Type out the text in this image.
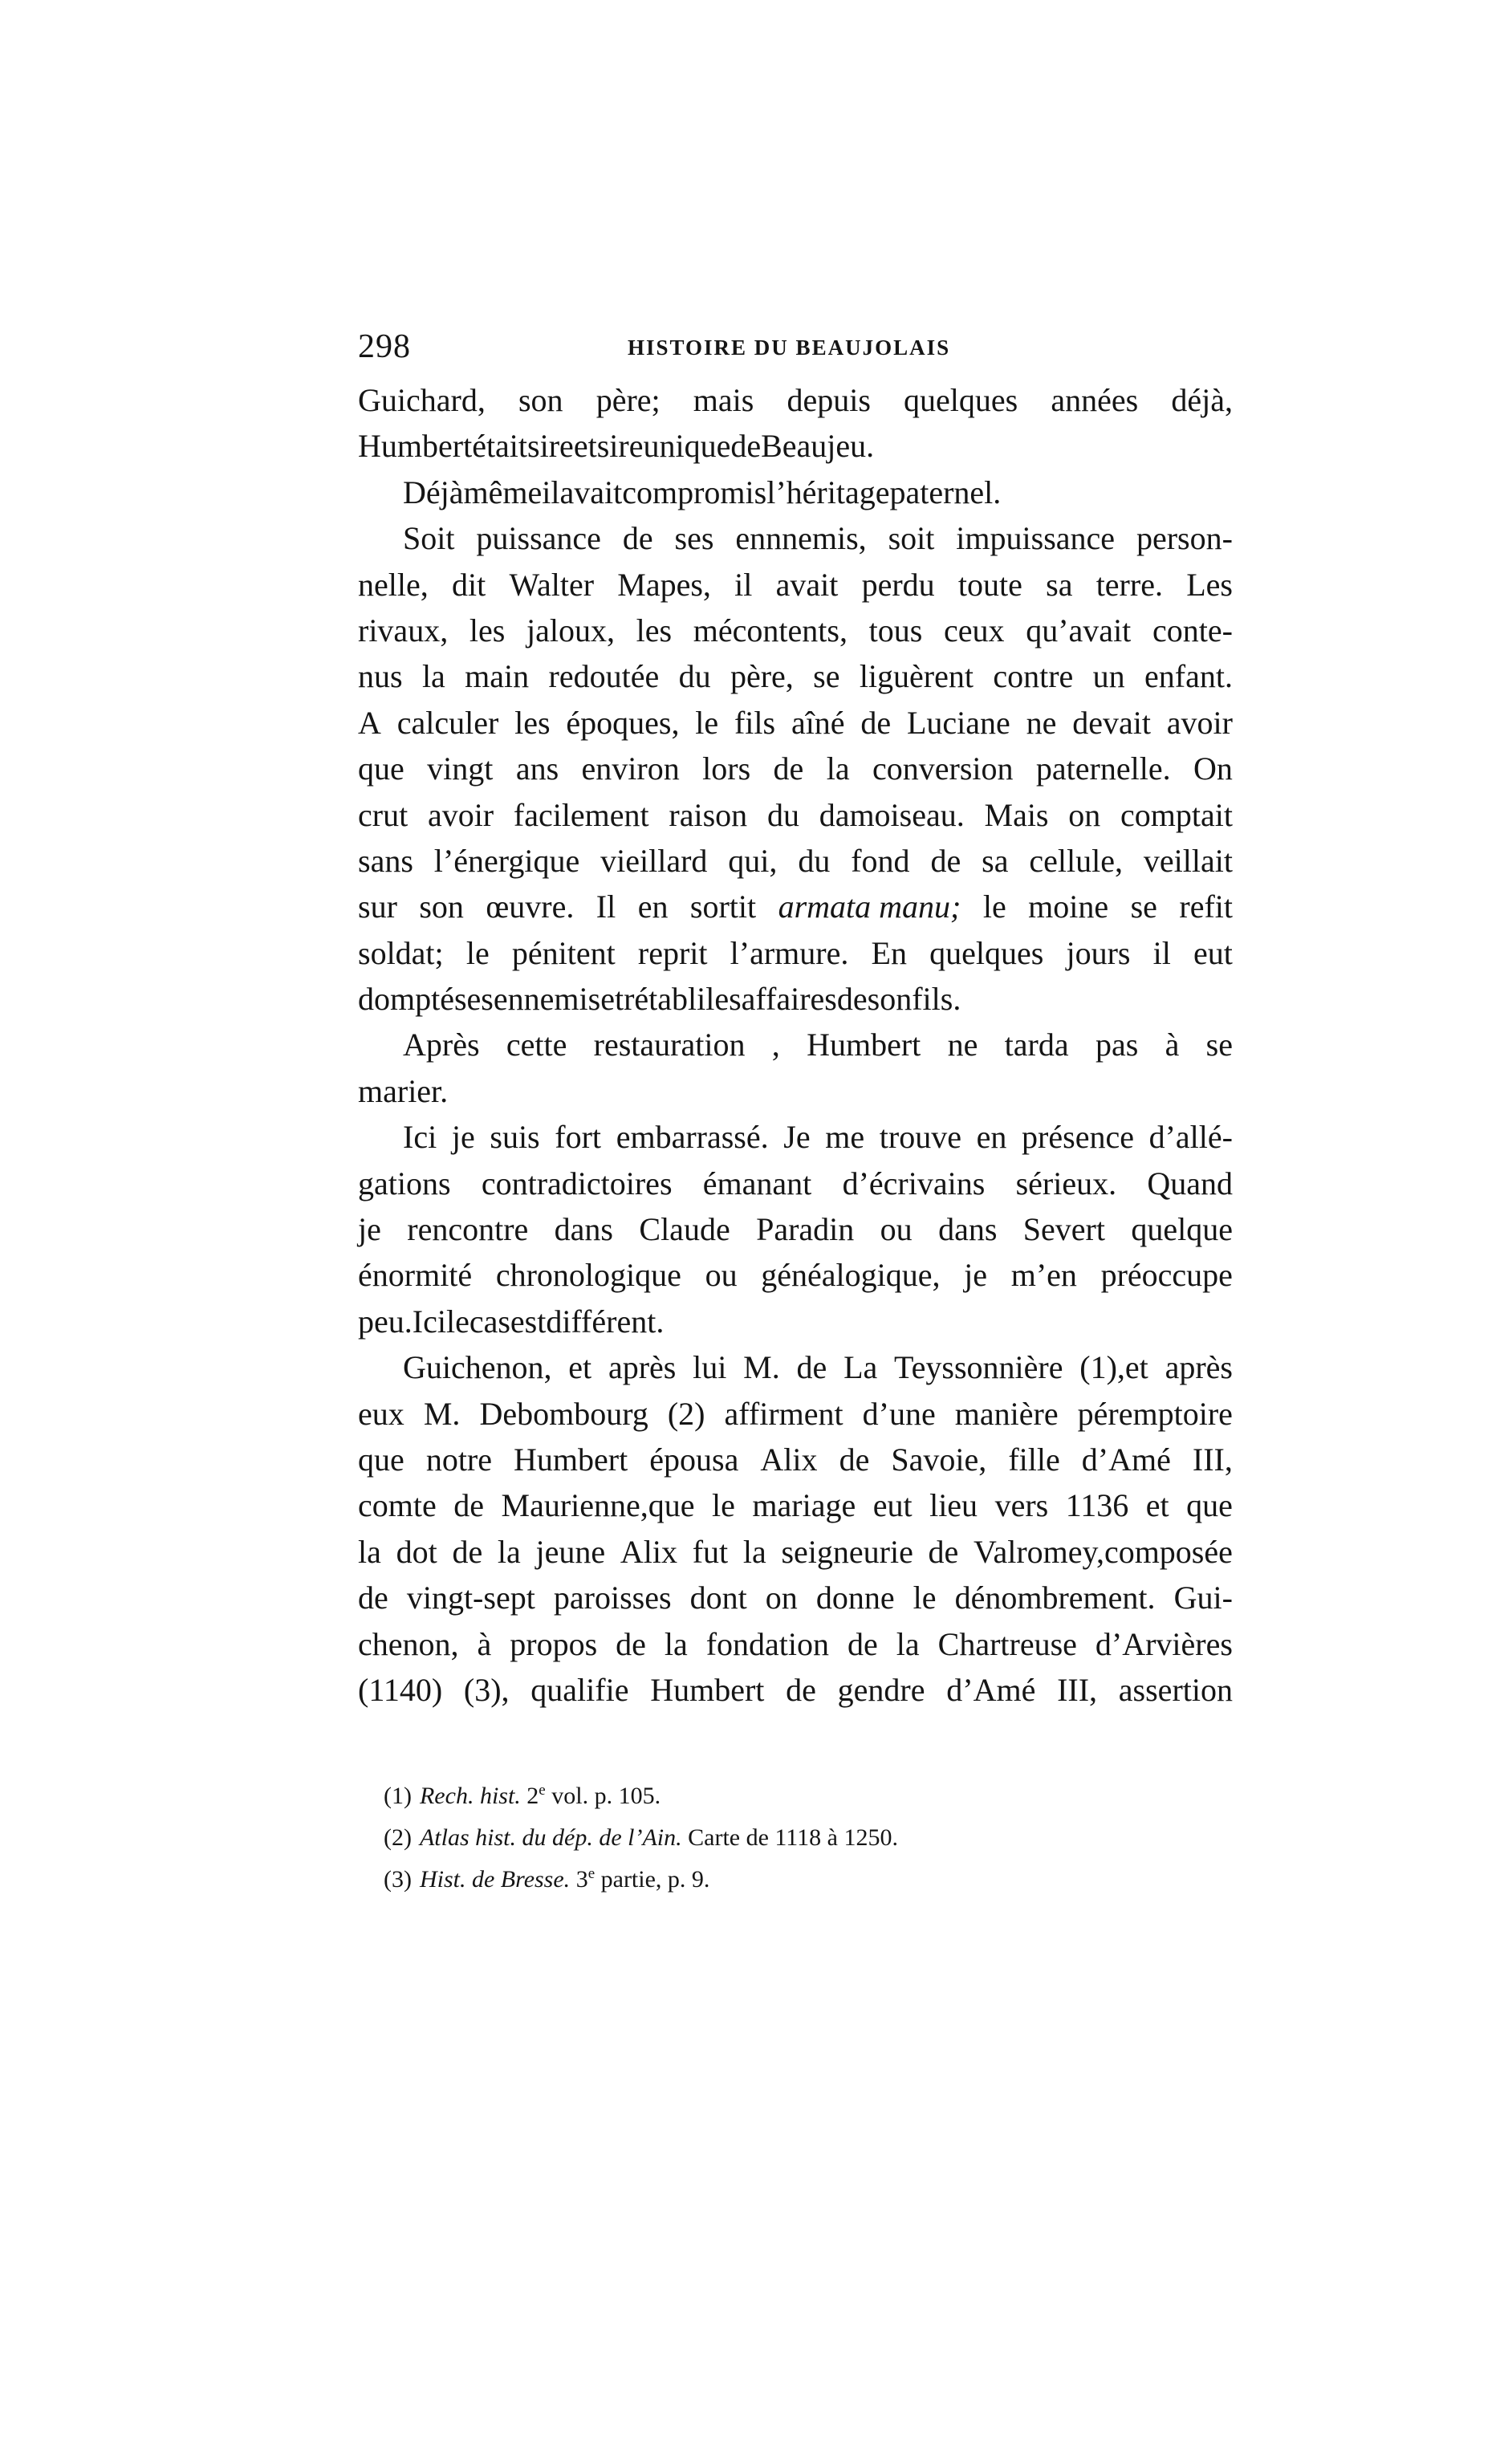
298	HISTOIRE DU BEAUJOLAIS
Guichard, son père; mais depuis quelques années déjà,
Humbert était sire et sire unique de Beaujeu.
Déjà même il avait compromis l’héritage paternel.
Soit puissance de ses ennnemis, soit impuissance person-
nelle, dit Walter Mapes, il avait perdu toute sa terre. Les
rivaux, les jaloux, les mécontents, tous ceux qu’avait conte-
nus la main redoutée du père, se liguèrent contre un enfant.
A calculer les époques, le fils aîné de Luciane ne devait avoir
que vingt ans environ lors de la conversion paternelle. On
crut avoir facilement raison du damoiseau. Mais on comptait
sans l’énergique vieillard qui, du fond de sa cellule, veillait
sur son œuvre. Il en sortit armata manu; le moine se refit
soldat; le pénitent reprit l’armure. En quelques jours il eut
dompté ses ennemis et rétabli les affaires de son fils.
Après cette restauration , Humbert ne tarda pas à se
marier.
Ici je suis fort embarrassé. Je me trouve en présence d’allé-
gations contradictoires émanant d’écrivains sérieux. Quand
je rencontre dans Claude Paradin ou dans Severt quelque
énormité chronologique ou généalogique, je m’en préoccupe
peu. Ici le cas est différent.
Guichenon, et après lui M. de La Teyssonnière (1),et après
eux M. Debombourg (2) affirment d’une manière péremptoire
que notre Humbert épousa Alix de Savoie, fille d’Amé III,
comte de Maurienne,que le mariage eut lieu vers 1136 et que
la dot de la jeune Alix fut la seigneurie de Valromey,composée
de vingt-sept paroisses dont on donne le dénombrement. Gui-
chenon, à propos de la fondation de la Chartreuse d’Arvières
(1140) (3), qualifie Humbert de gendre d’Amé III, assertion
(1) Rech. hist. 2e vol. p. 105.
(2) Atlas hist. du dép. de l’Ain. Carte de 1118 à 1250.
(3) Hist. de Bresse. 3e partie, p. 9.
